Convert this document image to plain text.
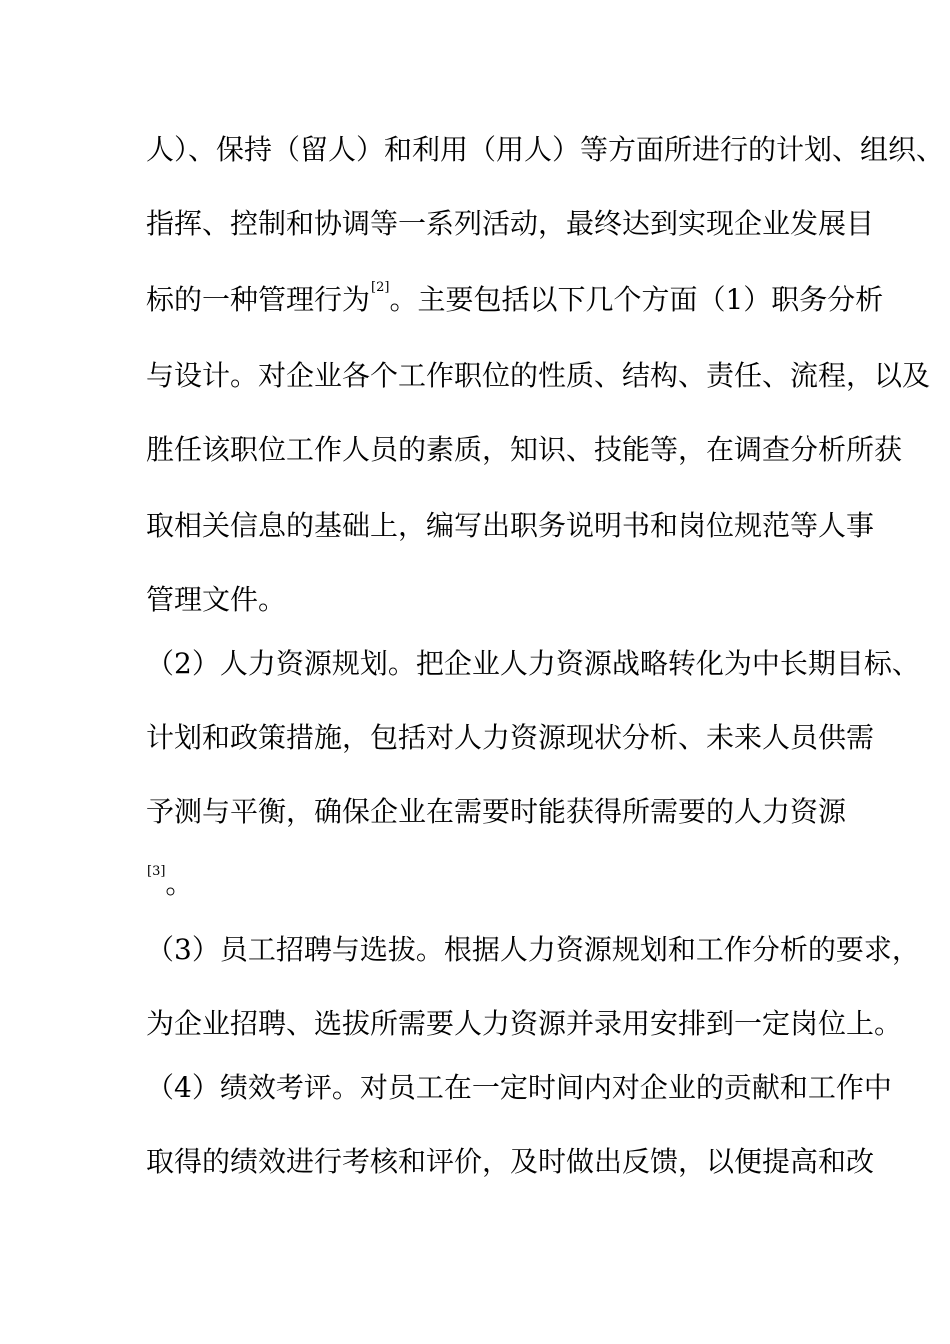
人）、保持（留人）和利用（用人）等方面所进行的计划、组织、
指挥、控制和协调等一系列活动，最终达到实现企业发展目
标的一种管理行为[2]。主要包括以下几个方面（1）职务分析
与设计。对企业各个工作职位的性质、结构、责任、流程，以及
胜任该职位工作人员的素质，知识、技能等，在调查分析所获
取相关信息的基础上，编写出职务说明书和岗位规范等人事
管理文件。
（2）人力资源规划。把企业人力资源战略转化为中长期目标、
计划和政策措施，包括对人力资源现状分析、未来人员供需
予测与平衡，确保企业在需要时能获得所需要的人力资源
[3]。
（3）员工招聘与选拔。根据人力资源规划和工作分析的要求，
为企业招聘、选拔所需要人力资源并录用安排到一定岗位上。
（4）绩效考评。对员工在一定时间内对企业的贡献和工作中
取得的绩效进行考核和评价，及时做出反馈，以便提高和改
